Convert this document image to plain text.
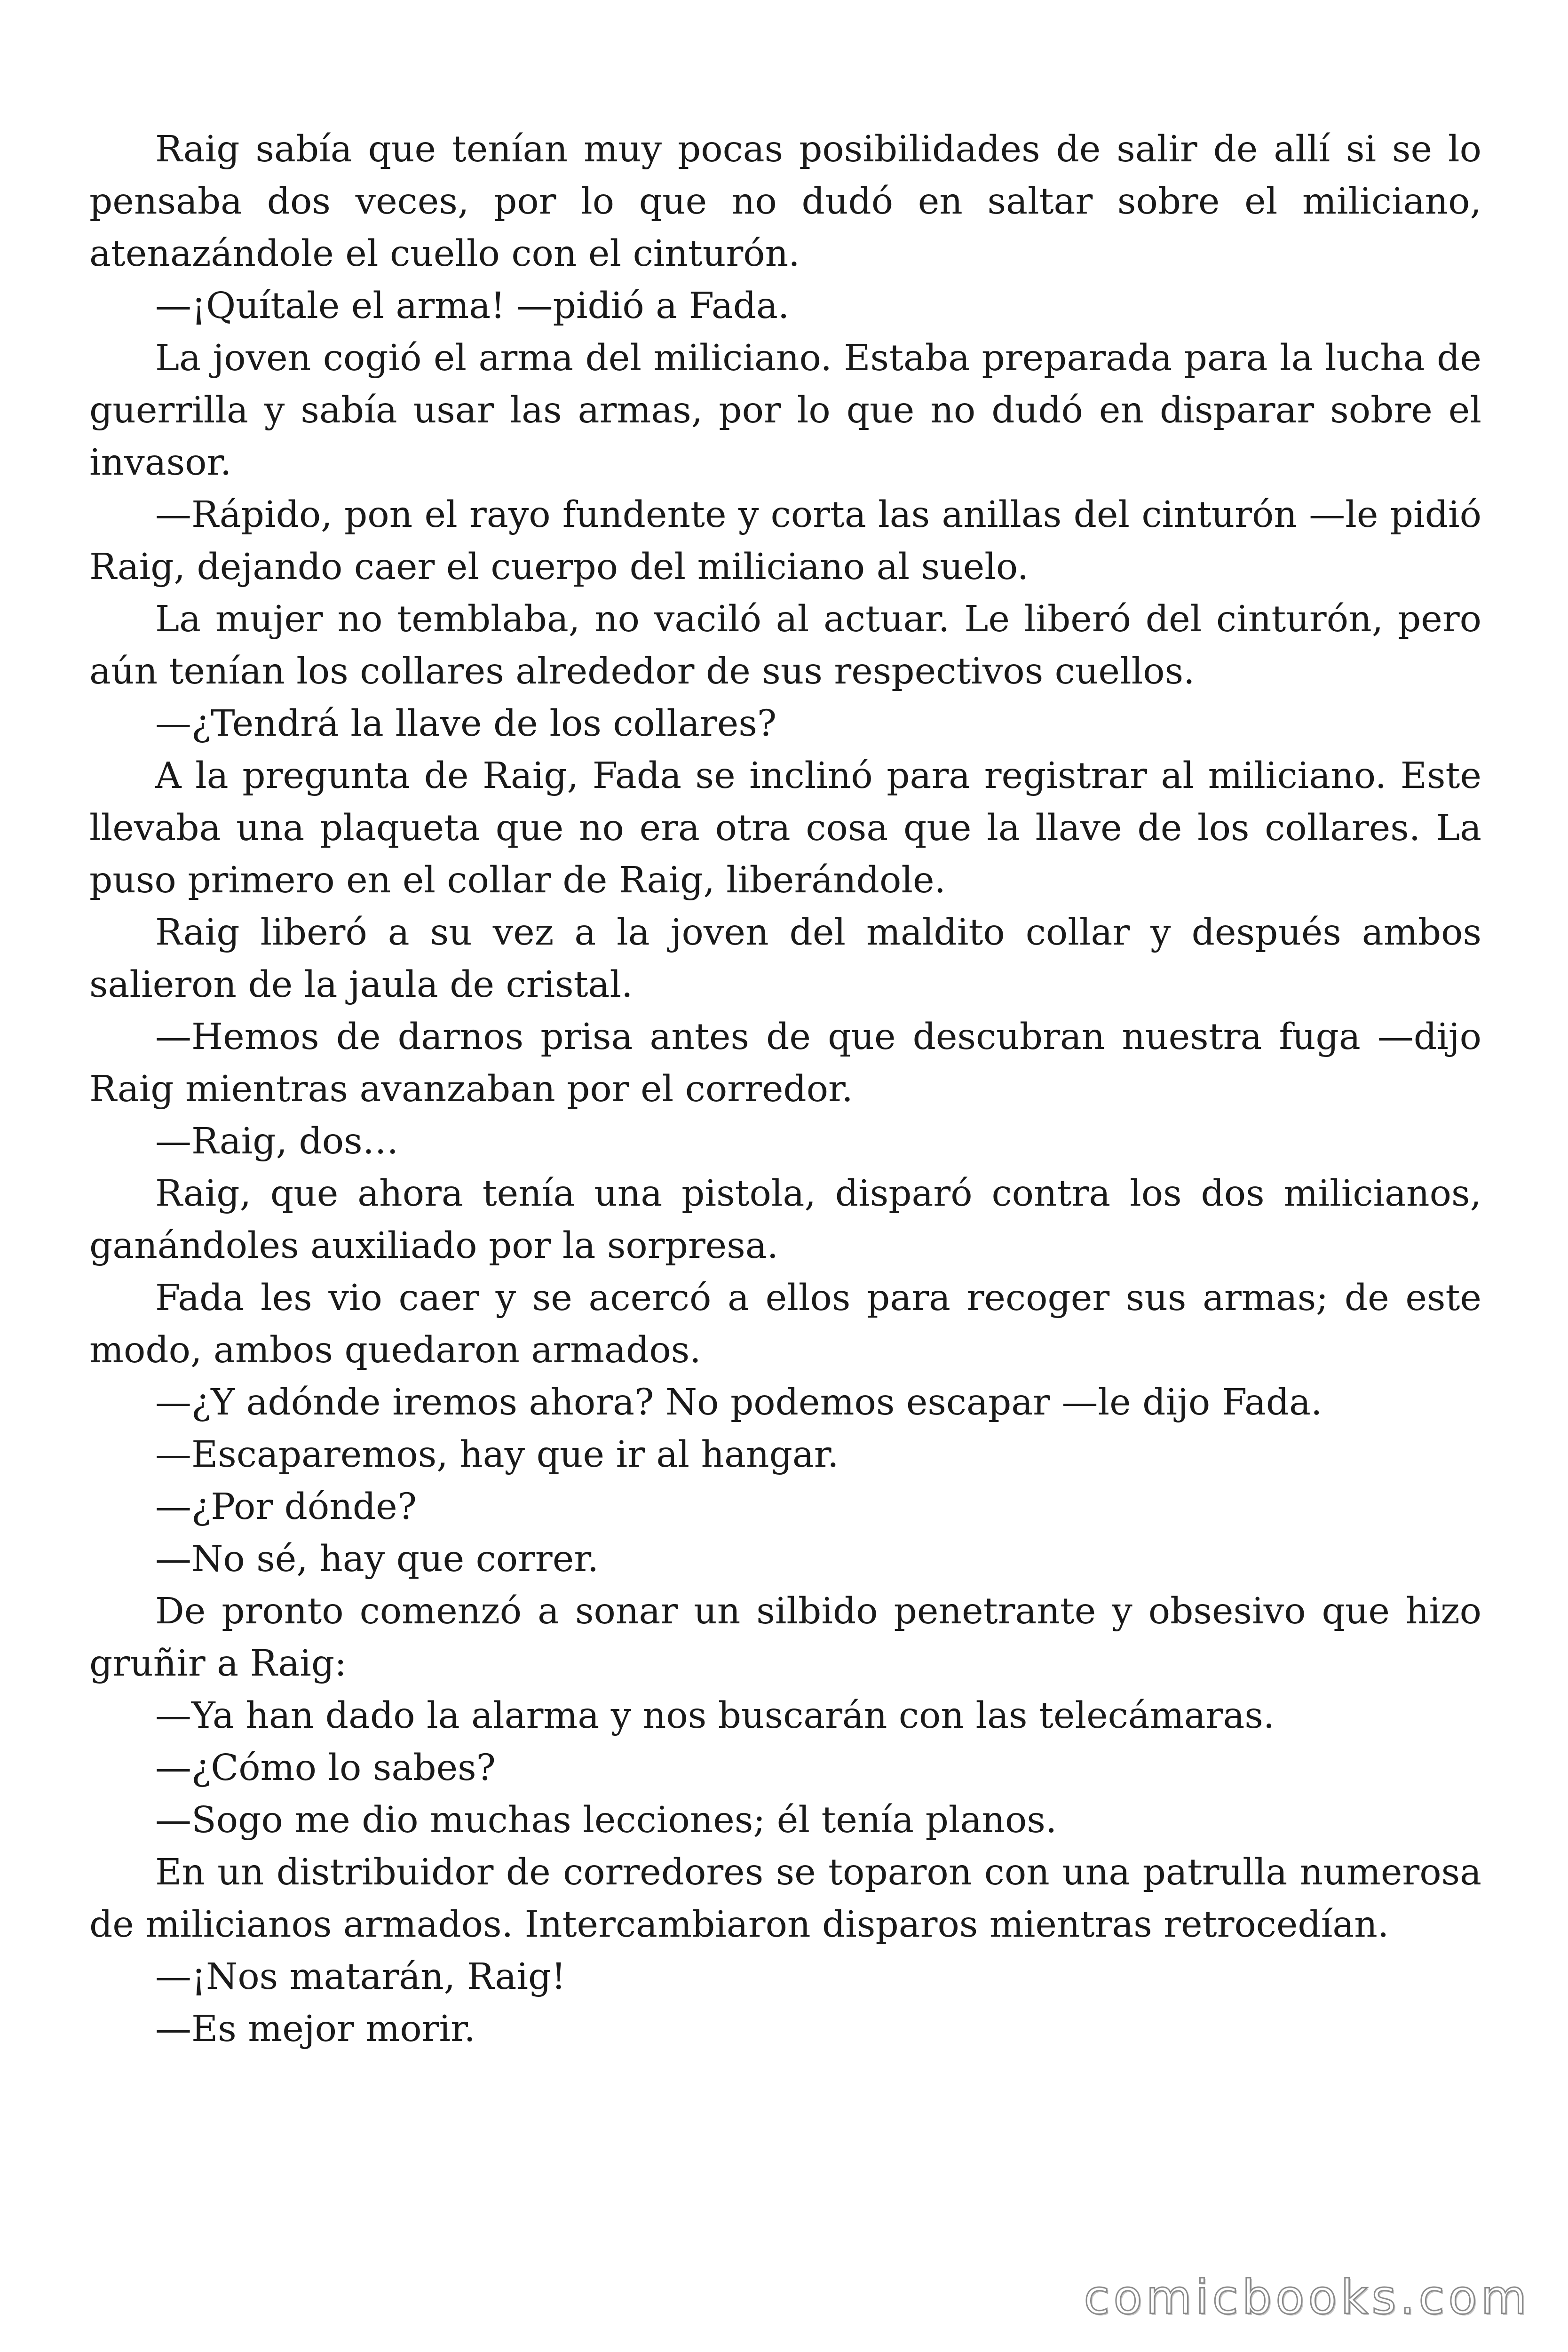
Raig sabía que tenían muy pocas posibilidades de salir de allí si se lo pensaba dos veces, por lo que no dudó en saltar sobre el miliciano, atenazándole el cuello con el cinturón.

—¡Quítale el arma! —pidió a Fada.

La joven cogió el arma del miliciano. Estaba preparada para la lucha de guerrilla y sabía usar las armas, por lo que no dudó en disparar sobre el invasor.

—Rápido, pon el rayo fundente y corta las anillas del cinturón —le pidió Raig, dejando caer el cuerpo del miliciano al suelo.

La mujer no temblaba, no vaciló al actuar. Le liberó del cinturón, pero aún tenían los collares alrededor de sus respectivos cuellos.

—¿Tendrá la llave de los collares?

A la pregunta de Raig, Fada se inclinó para registrar al miliciano. Este llevaba una plaqueta que no era otra cosa que la llave de los collares. La puso primero en el collar de Raig, liberándole.

Raig liberó a su vez a la joven del maldito collar y después ambos salieron de la jaula de cristal.

—Hemos de darnos prisa antes de que descubran nuestra fuga —dijo Raig mientras avanzaban por el corredor.

—Raig, dos…

Raig, que ahora tenía una pistola, disparó contra los dos milicianos, ganándoles auxiliado por la sorpresa.

Fada les vio caer y se acercó a ellos para recoger sus armas; de este modo, ambos quedaron armados.

—¿Y adónde iremos ahora? No podemos escapar —le dijo Fada.

—Escaparemos, hay que ir al hangar.

—¿Por dónde?

—No sé, hay que correr.

De pronto comenzó a sonar un silbido penetrante y obsesivo que hizo gruñir a Raig:

—Ya han dado la alarma y nos buscarán con las telecámaras.

—¿Cómo lo sabes?

—Sogo me dio muchas lecciones; él tenía planos.

En un distribuidor de corredores se toparon con una patrulla numerosa de milicianos armados. Intercambiaron disparos mientras retrocedían.

—¡Nos matarán, Raig!

—Es mejor morir.

comicbooks.com
